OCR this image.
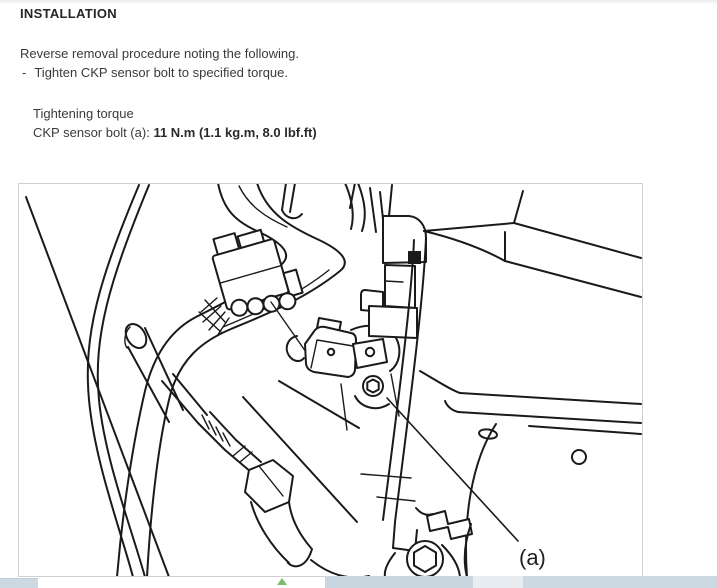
INSTALLATION
Reverse removal procedure noting the following.
- Tighten CKP sensor bolt to specified torque.
Tightening torque
CKP sensor bolt (a): 11 N.m (1.1 kg.m, 8.0 lbf.ft)
(a)
